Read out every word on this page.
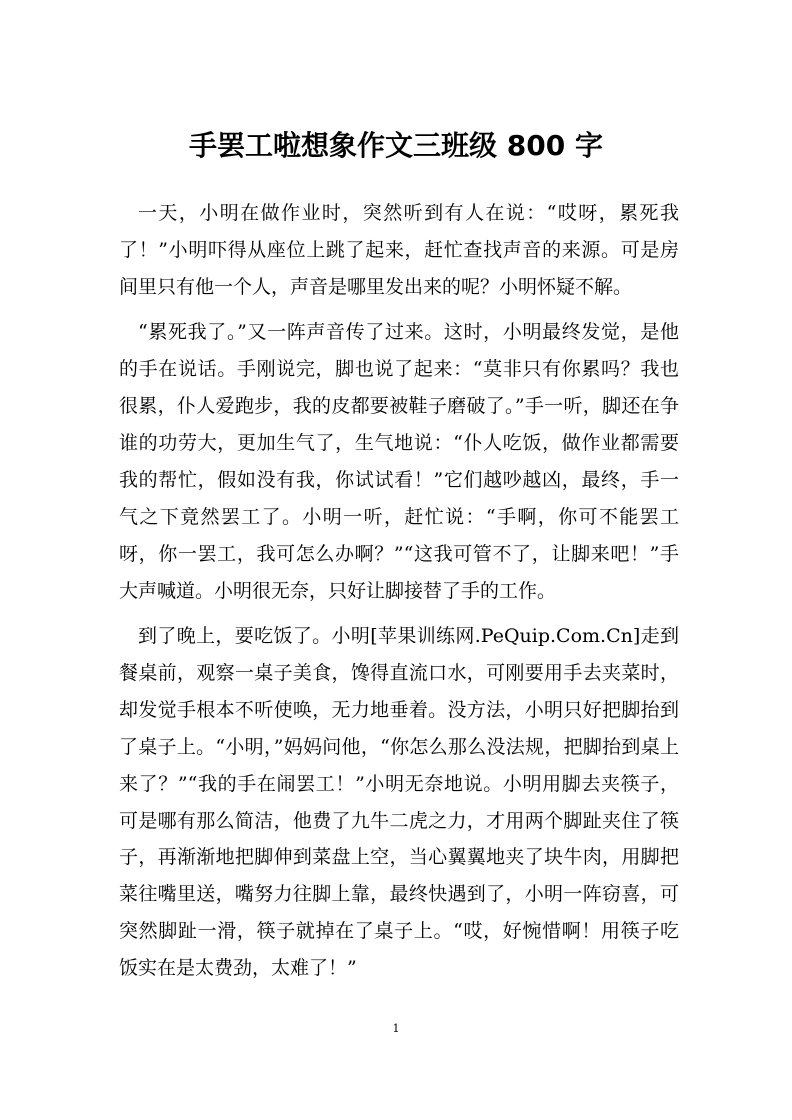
手罢工啦想象作文三班级 800 字

一天，小明在做作业时，突然听到有人在说：“哎呀，累死我了！”小明吓得从座位上跳了起来，赶忙查找声音的来源。可是房间里只有他一个人，声音是哪里发出来的呢？小明怀疑不解。

“累死我了。”又一阵声音传了过来。这时，小明最终发觉，是他的手在说话。手刚说完，脚也说了起来：“莫非只有你累吗？我也很累，仆人爱跑步，我的皮都要被鞋子磨破了。”手一听，脚还在争谁的功劳大，更加生气了，生气地说：“仆人吃饭，做作业都需要我的帮忙，假如没有我，你试试看！”它们越吵越凶，最终，手一气之下竟然罢工了。小明一听，赶忙说：“手啊，你可不能罢工呀，你一罢工，我可怎么办啊？”“这我可管不了，让脚来吧！”手大声喊道。小明很无奈，只好让脚接替了手的工作。

到了晚上，要吃饭了。小明[苹果训练网.PeQuip.Com.Cn]走到餐桌前，观察一桌子美食，馋得直流口水，可刚要用手去夹菜时，却发觉手根本不听使唤，无力地垂着。没方法，小明只好把脚抬到了桌子上。“小明，”妈妈问他，“你怎么那么没法规，把脚抬到桌上来了？”“我的手在闹罢工！”小明无奈地说。小明用脚去夹筷子，可是哪有那么简洁，他费了九牛二虎之力，才用两个脚趾夹住了筷子，再渐渐地把脚伸到菜盘上空，当心翼翼地夹了块牛肉，用脚把菜往嘴里送，嘴努力往脚上靠，最终快遇到了，小明一阵窃喜，可突然脚趾一滑，筷子就掉在了桌子上。“哎，好惋惜啊！用筷子吃饭实在是太费劲，太难了！”

1
